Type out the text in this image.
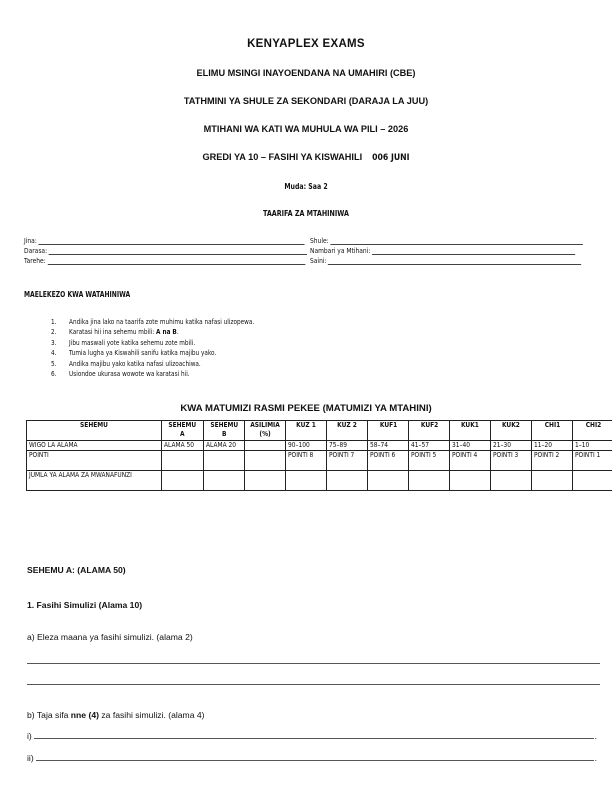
KENYAPLEX EXAMS
ELIMU MSINGI INAYOENDANA NA UMAHIRI (CBE)
TATHMINI YA SHULE ZA SEKONDARI (DARAJA LA JUU)
MTIHANI WA KATI WA MUHULA WA PILI – 2026
GREDI YA 10 – FASIHI YA KISWAHILI 006 JUNI
Muda: Saa 2
TAARIFA ZA MTAHINIWA
Jina:
Darasa:
Tarehe:
Shule:
Nambari ya Mtihani:
Saini:
MAELEKEZO KWA WATAHINIWA
1.	Andika jina lako na taarifa zote muhimu katika nafasi ulizopewa.
2.	Karatasi hii ina sehemu mbili: A na B.
3.	Jibu maswali yote katika sehemu zote mbili.
4.	Tumia lugha ya Kiswahili sanifu katika majibu yako.
5.	Andika majibu yako katika nafasi ulizoachiwa.
6.	Usiondoe ukurasa wowote wa karatasi hii.
KWA MATUMIZI RASMI PEKEE (MATUMIZI YA MTAHINI)
SEHEMU	SEHEMU A	SEHEMU B	ASILIMIA (%)	KUZ 1	KUZ 2	KUF1	KUF2	KUK1	KUK2	CHI1	CHI2
WIGO LA ALAMA	ALAMA 50	ALAMA 20		90–100	75–89	58–74	41–57	31–40	21–30	11–20	1–10
POINTI				POINTI 8	POINTI 7	POINTI 6	POINTI 5	POINTI 4	POINTI 3	POINTI 2	POINTI 1
JUMLA YA ALAMA ZA MWANAFUNZI											
SEHEMU A: (ALAMA 50)
1. Fasihi Simulizi (Alama 10)
a) Eleza maana ya fasihi simulizi. (alama 2)
b) Taja sifa nne (4) za fasihi simulizi. (alama 4)
i)	.
ii)	.
